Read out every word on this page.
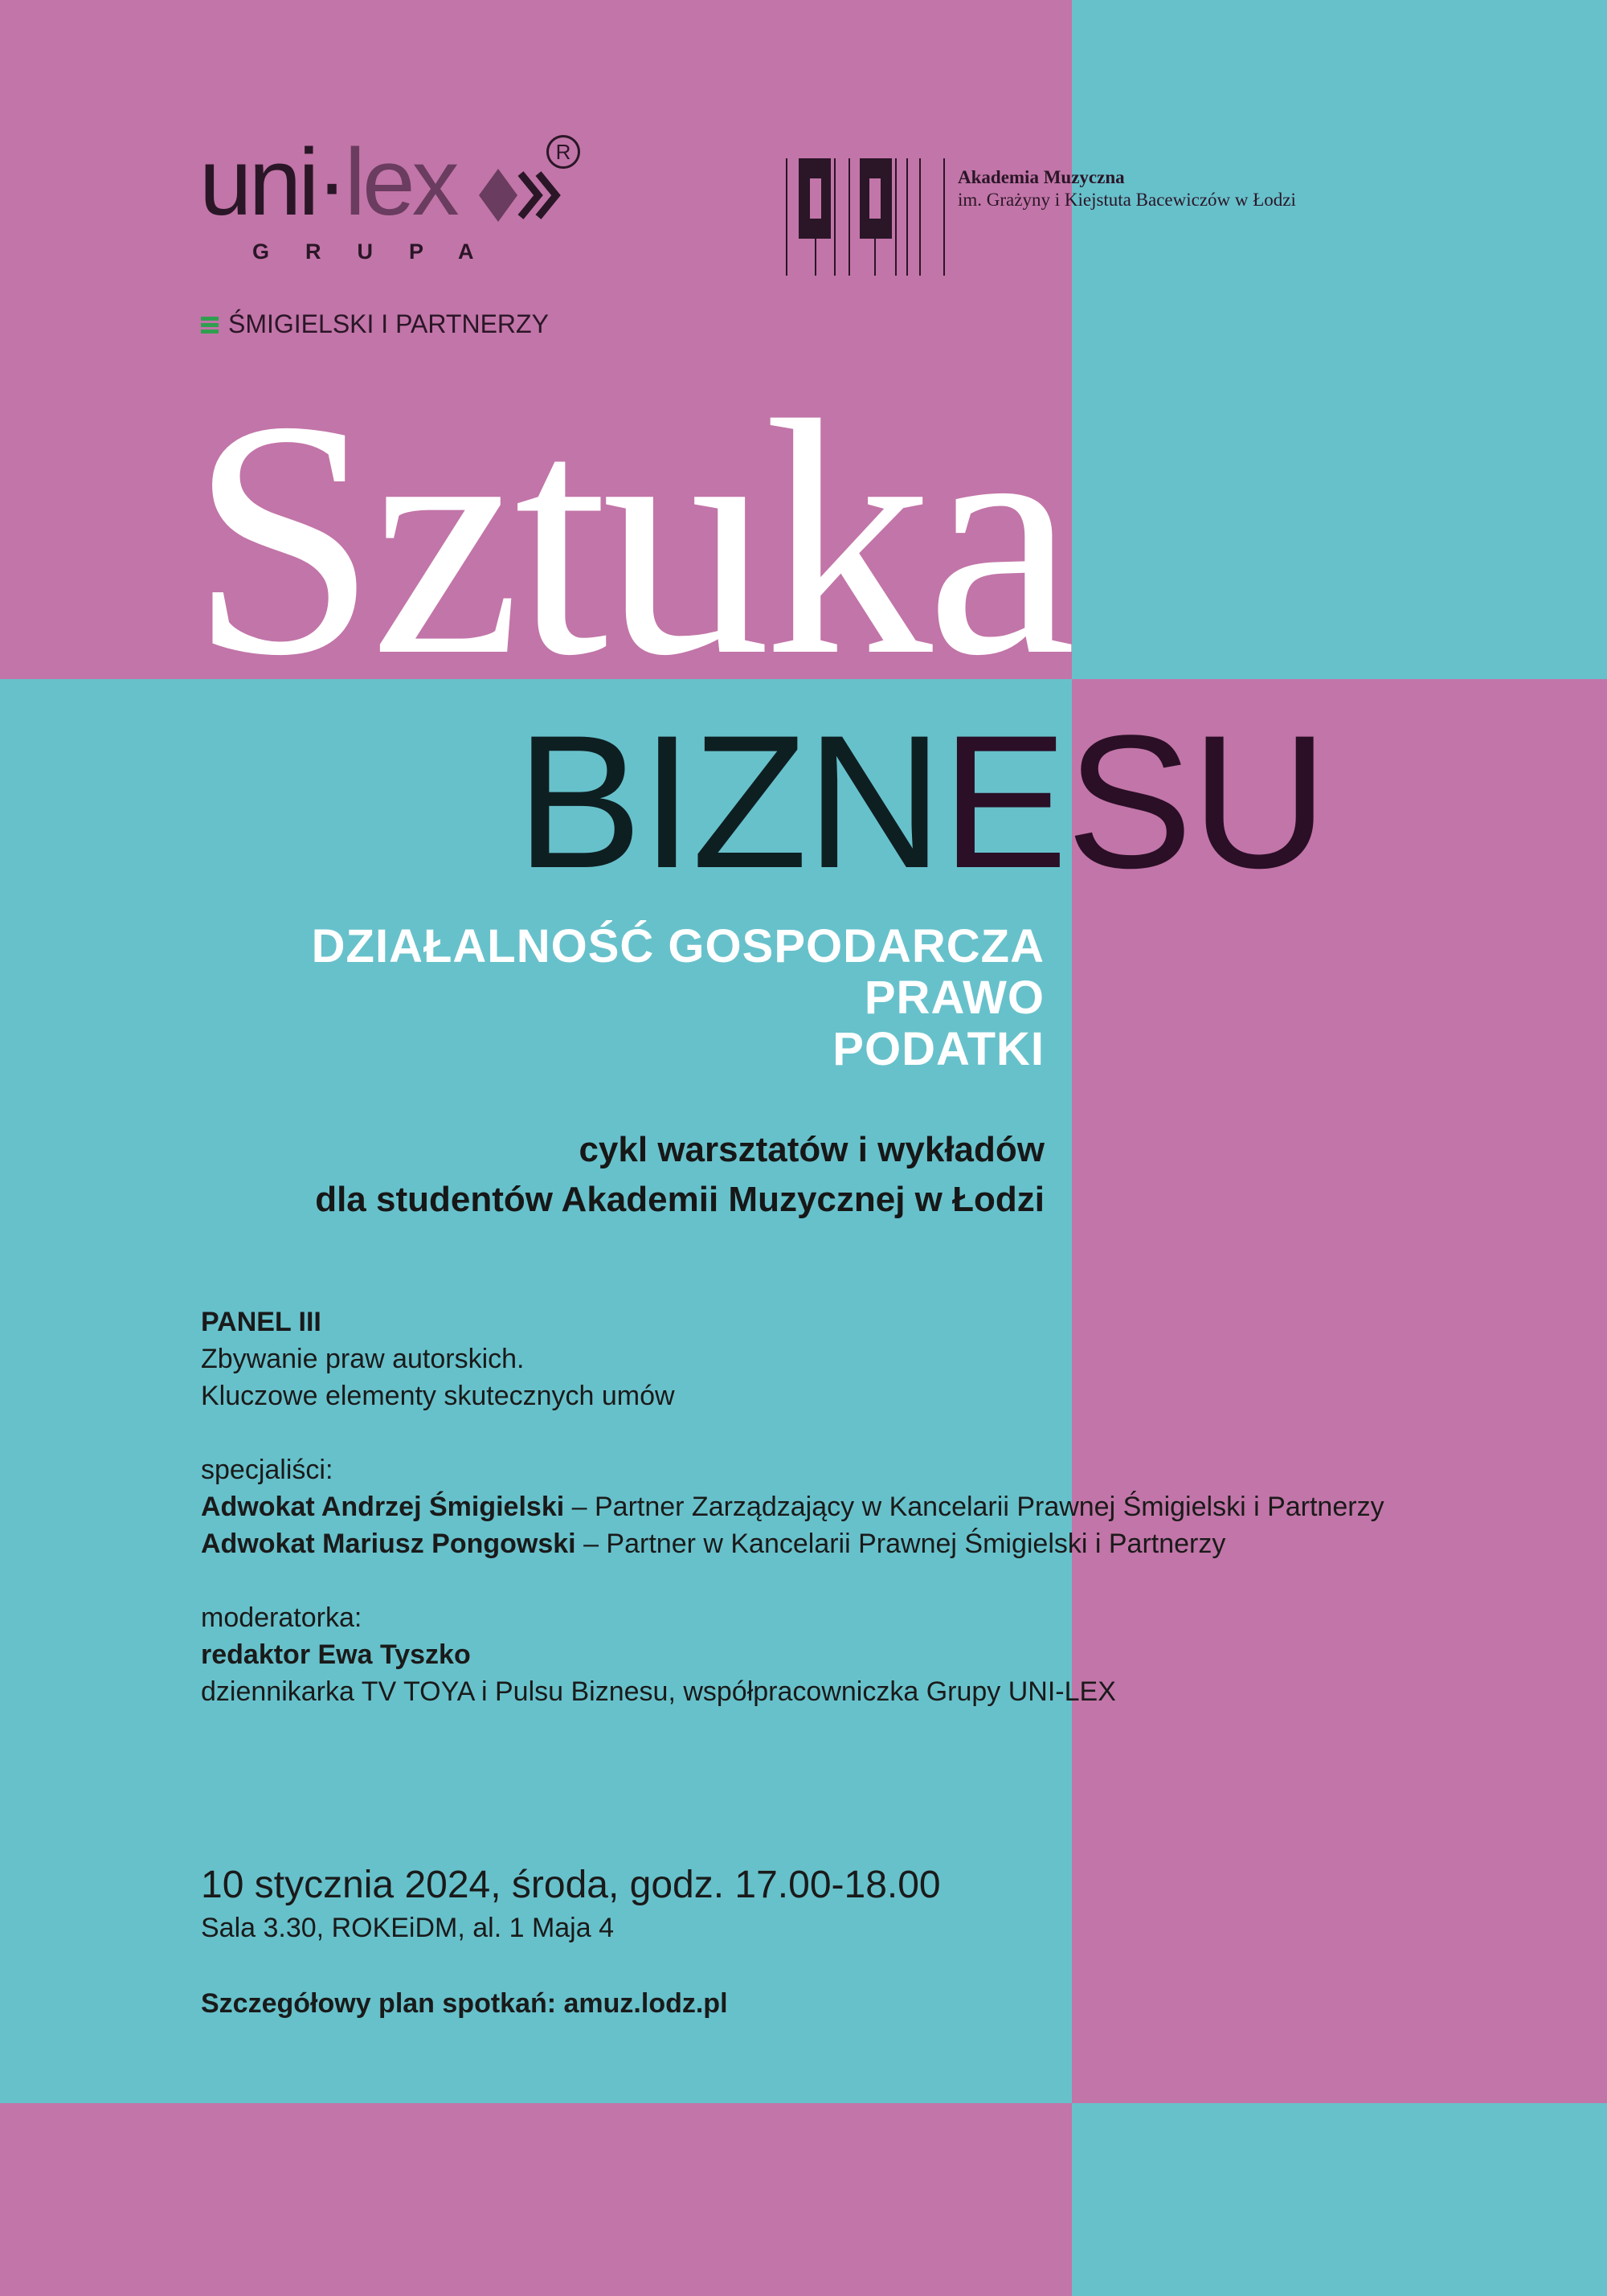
uni·lex	R
GRUPA
ŚMIGIELSKI I PARTNERZY
Akademia Muzyczna
im. Grażyny i Kiejstuta Bacewiczów w Łodzi
Sztuka
BIZNESU
DZIAŁALNOŚĆ GOSPODARCZA
PRAWO
PODATKI
cykl warsztatów i wykładów
dla studentów Akademii Muzycznej w Łodzi
PANEL III
Zbywanie praw autorskich.
Kluczowe elementy skutecznych umów
specjaliści:
Adwokat Andrzej Śmigielski – Partner Zarządzający w Kancelarii Prawnej Śmigielski i Partnerzy
Adwokat Mariusz Pongowski – Partner w Kancelarii Prawnej Śmigielski i Partnerzy
moderatorka:
redaktor Ewa Tyszko
dziennikarka TV TOYA i Pulsu Biznesu, współpracowniczka Grupy UNI-LEX
10 stycznia 2024, środa, godz. 17.00-18.00
Sala 3.30, ROKEiDM, al. 1 Maja 4
Szczegółowy plan spotkań: amuz.lodz.pl
